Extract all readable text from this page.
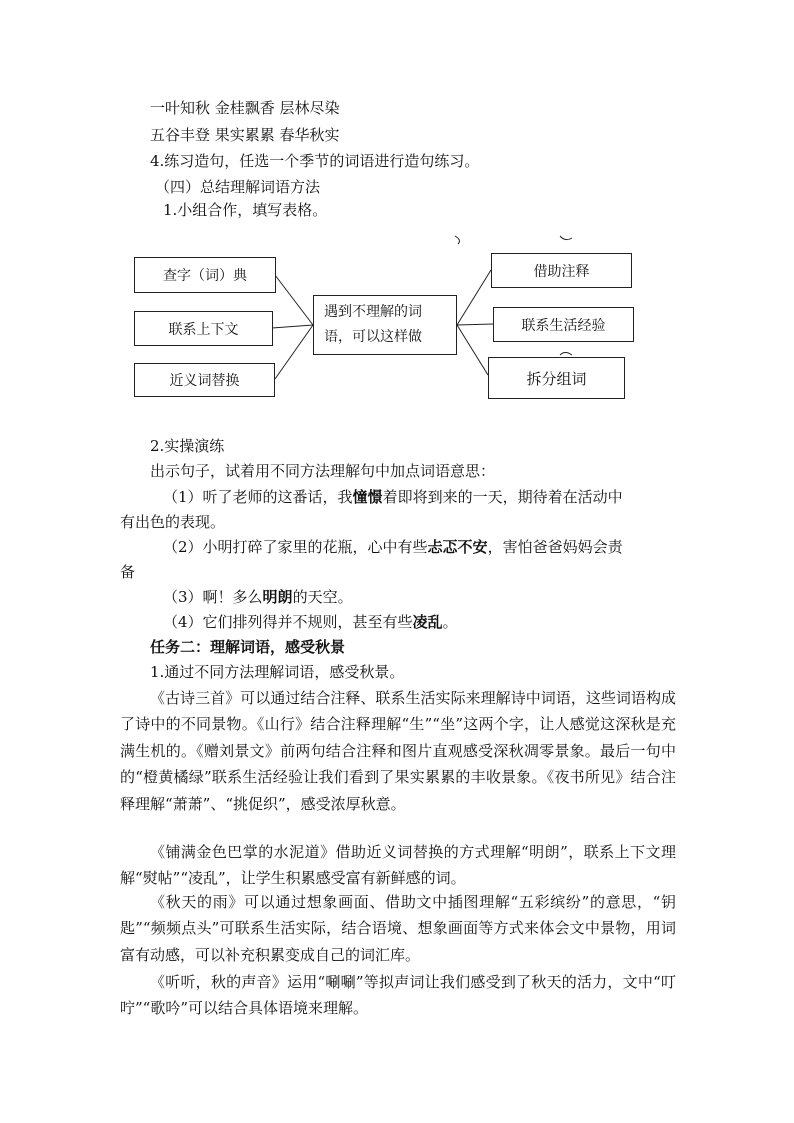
一叶知秋 金桂飘香 层林尽染
五谷丰登 果实累累 春华秋实
4.练习造句，任选一个季节的词语进行造句练习。
（四）总结理解词语方法
1.小组合作，填写表格。
查字（词）典
联系上下文
近义词替换
遇到不理解的词语，可以这样做
借助注释
联系生活经验
拆分组词
2.实操演练
出示句子，试着用不同方法理解句中加点词语意思：
（1）听了老师的这番话，我憧憬着即将到来的一天，期待着在活动中
有出色的表现。
（2）小明打碎了家里的花瓶，心中有些忐忑不安，害怕爸爸妈妈会责
备
（3）啊！多么明朗的天空。
（4）它们排列得并不规则，甚至有些凌乱。
任务二：理解词语，感受秋景
1.通过不同方法理解词语，感受秋景。
《古诗三首》可以通过结合注释、联系生活实际来理解诗中词语，这些词语构成了诗中的不同景物。《山行》结合注释理解“生”“坐”这两个字，让人感觉这深秋是充满生机的。《赠刘景文》前两句结合注释和图片直观感受深秋凋零景象。最后一句中的“橙黄橘绿”联系生活经验让我们看到了果实累累的丰收景象。《夜书所见》结合注释理解“萧萧”、“挑促织”，感受浓厚秋意。
《铺满金色巴掌的水泥道》借助近义词替换的方式理解“明朗”，联系上下文理解“熨帖”“凌乱”，让学生积累感受富有新鲜感的词。
《秋天的雨》可以通过想象画面、借助文中插图理解“五彩缤纷”的意思，“钥匙”“频频点头”可联系生活实际，结合语境、想象画面等方式来体会文中景物，用词富有动感，可以补充积累变成自己的词汇库。
《听听，秋的声音》运用“唰唰”等拟声词让我们感受到了秋天的活力，文中“叮咛”“歌吟”可以结合具体语境来理解。
